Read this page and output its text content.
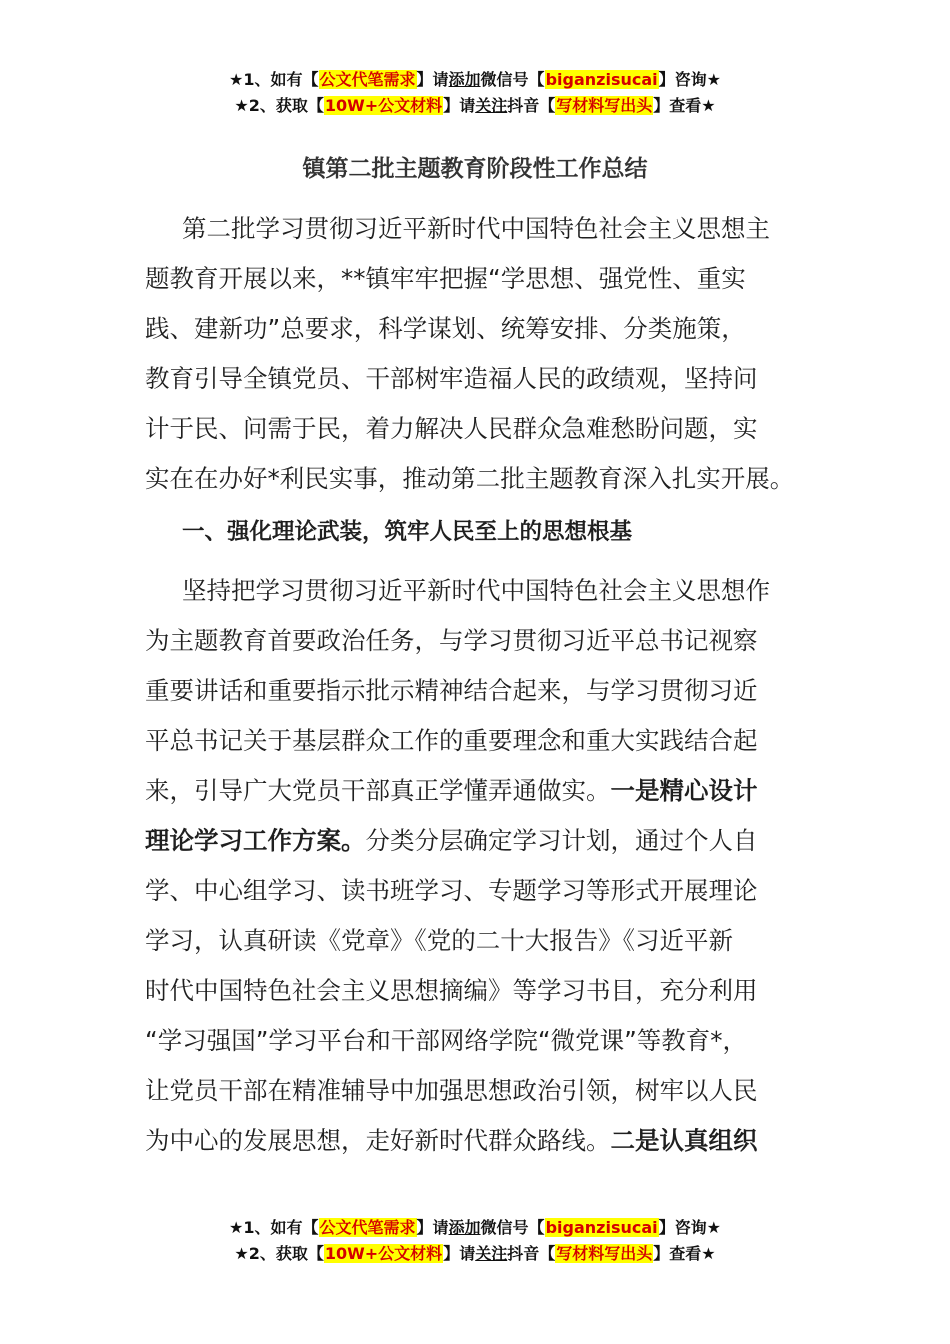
★1、如有【公文代笔需求】请添加微信号【biganzisucai】咨询★
★2、获取【10W+公文材料】请关注抖音【写材料写出头】查看★
镇第二批主题教育阶段性工作总结
第二批学习贯彻习近平新时代中国特色社会主义思想主
题教育开展以来，**镇牢牢把握“学思想、强党性、重实
践、建新功”总要求，科学谋划、统筹安排、分类施策，
教育引导全镇党员、干部树牢造福人民的政绩观，坚持问
计于民、问需于民，着力解决人民群众急难愁盼问题，实
实在在办好*利民实事，推动第二批主题教育深入扎实开展。
一、强化理论武装，筑牢人民至上的思想根基
坚持把学习贯彻习近平新时代中国特色社会主义思想作
为主题教育首要政治任务，与学习贯彻习近平总书记视察
重要讲话和重要指示批示精神结合起来，与学习贯彻习近
平总书记关于基层群众工作的重要理念和重大实践结合起
来，引导广大党员干部真正学懂弄通做实。一是精心设计
理论学习工作方案。分类分层确定学习计划，通过个人自
学、中心组学习、读书班学习、专题学习等形式开展理论
学习，认真研读《党章》《党的二十大报告》《习近平新
时代中国特色社会主义思想摘编》等学习书目，充分利用
“学习强国”学习平台和干部网络学院“微党课”等教育*，
让党员干部在精准辅导中加强思想政治引领，树牢以人民
为中心的发展思想，走好新时代群众路线。二是认真组织
★1、如有【公文代笔需求】请添加微信号【biganzisucai】咨询★
★2、获取【10W+公文材料】请关注抖音【写材料写出头】查看★
